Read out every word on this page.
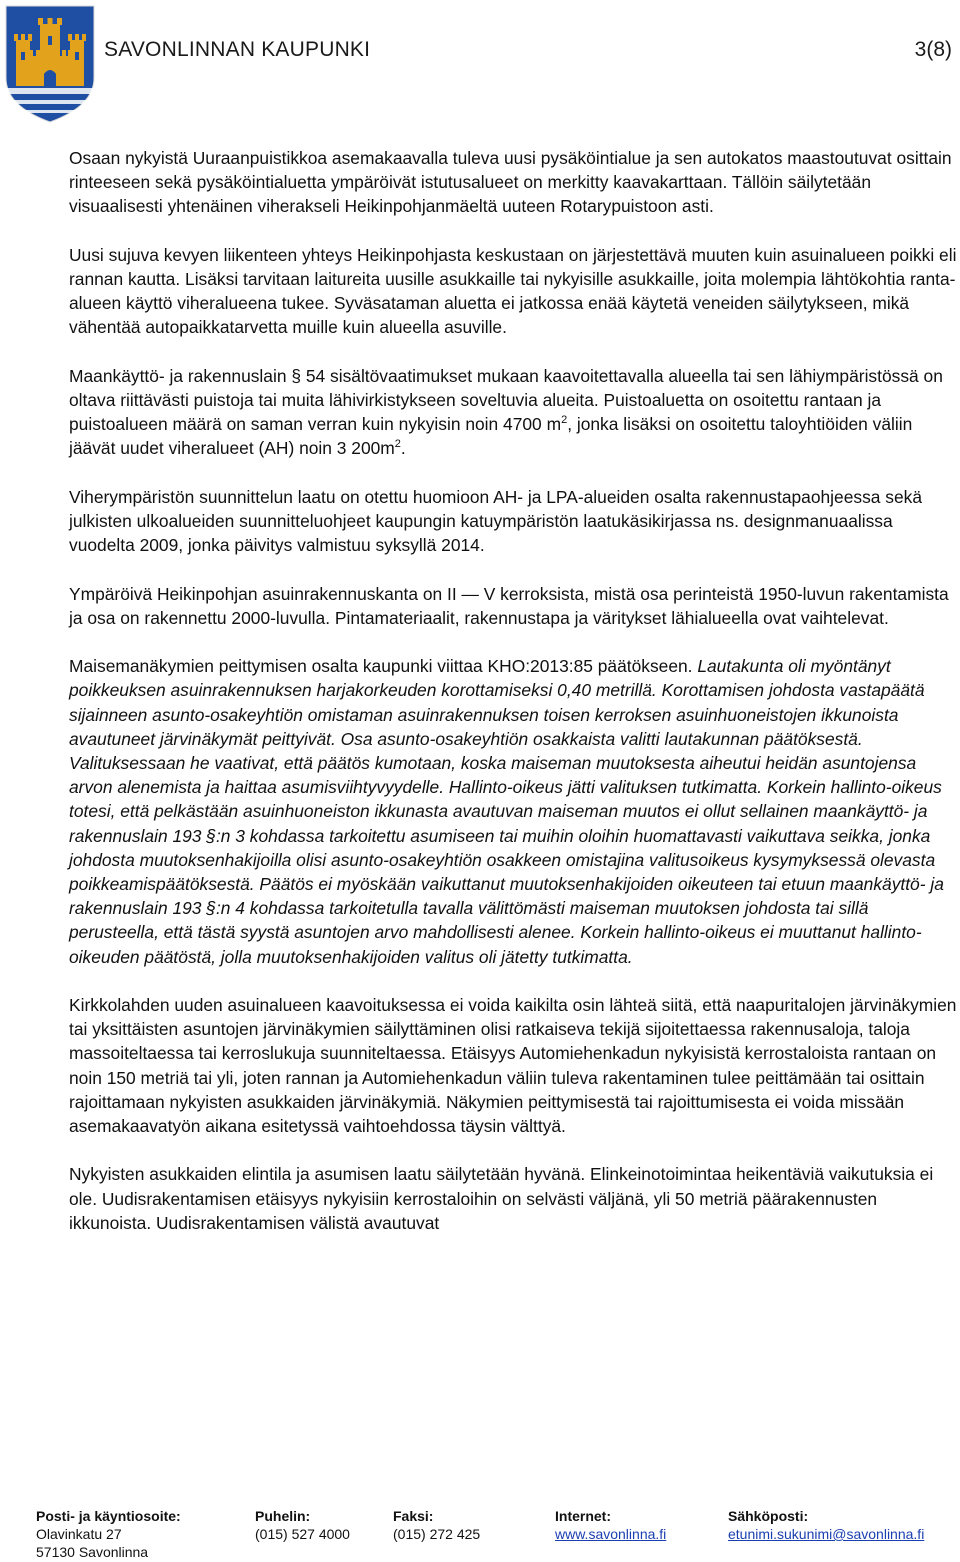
SAVONLINNAN KAUPUNKI	3(8)

Osaan nykyistä Uuraanpuistikkoa asemakaavalla tuleva uusi pysäköintialue ja sen autokatos maastoutuvat osittain rinteeseen sekä pysäköintialuetta ympäröivät istutusalueet on merkitty kaavakarttaan. Tällöin säilytetään visuaalisesti yhtenäinen viherakseli Heikinpohjanmäeltä uuteen Rotarypuistoon asti.

Uusi sujuva kevyen liikenteen yhteys Heikinpohjasta keskustaan on järjestettävä muuten kuin asuinalueen poikki eli rannan kautta. Lisäksi tarvitaan laitureita uusille asukkaille tai nykyisille asukkaille, joita molempia lähtökohtia ranta-alueen käyttö viheralueena tukee. Syväsataman aluetta ei jatkossa enää käytetä veneiden säilytykseen, mikä vähentää autopaikkatarvetta muille kuin alueella asuville.

Maankäyttö- ja rakennuslain § 54 sisältövaatimukset mukaan kaavoitettavalla alueella tai sen lähiympäristössä on oltava riittävästi puistoja tai muita lähivirkistykseen soveltuvia alueita. Puistoaluetta on osoitettu rantaan ja puistoalueen määrä on saman verran kuin nykyisin noin 4700 $m^2$, jonka lisäksi on osoitettu taloyhtiöiden väliin jäävät uudet viheralueet (AH) noin 3 $200m^2$.

Viherympäristön suunnittelun laatu on otettu huomioon AH- ja LPA-alueiden osalta rakennustapaohjeessa sekä julkisten ulkoalueiden suunnitteluohjeet kaupungin katuympäristön laatukäsikirjassa ns. designmanuaalissa vuodelta 2009, jonka päivitys valmistuu syksyllä 2014.

Ympäröivä Heikinpohjan asuinrakennuskanta on II — V kerroksista, mistä osa perinteistä 1950-luvun rakentamista ja osa on rakennettu 2000-luvulla. Pintamateriaalit, rakennustapa ja väritykset lähialueella ovat vaihtelevat.

Maisemanäkymien peittymisen osalta kaupunki viittaa KHO:2013:85 päätökseen. Lautakunta oli myöntänyt poikkeuksen asuinrakennuksen harjakorkeuden korottamiseksi 0,40 metrillä. Korottamisen johdosta vastapäätä sijainneen asunto-osakeyhtiön omistaman asuinrakennuksen toisen kerroksen asuinhuoneistojen ikkunoista avautuneet järvinäkymät peittyivät. Osa asunto-osakeyhtiön osakkaista valitti lautakunnan päätöksestä. Valituksessaan he vaativat, että päätös kumotaan, koska maiseman muutoksesta aiheutui heidän asuntojensa arvon alenemista ja haittaa asumisviihtyvyydelle. Hallinto-oikeus jätti valituksen tutkimatta. Korkein hallinto-oikeus totesi, että pelkästään asuinhuoneiston ikkunasta avautuvan maiseman muutos ei ollut sellainen maankäyttö- ja rakennuslain 193 §:n 3 kohdassa tarkoitettu asumiseen tai muihin oloihin huomattavasti vaikuttava seikka, jonka johdosta muutoksenhakijoilla olisi asunto-osakeyhtiön osakkeen omistajina valitusoikeus kysymyksessä olevasta poikkeamispäätöksestä. Päätös ei myöskään vaikuttanut muutoksenhakijoiden oikeuteen tai etuun maankäyttö- ja rakennuslain 193 §:n 4 kohdassa tarkoitetulla tavalla välittömästi maiseman muutoksen johdosta tai sillä perusteella, että tästä syystä asuntojen arvo mahdollisesti alenee. Korkein hallinto-oikeus ei muuttanut hallinto-oikeuden päätöstä, jolla muutoksenhakijoiden valitus oli jätetty tutkimatta.

Kirkkolahden uuden asuinalueen kaavoituksessa ei voida kaikilta osin lähteä siitä, että naapuritalojen järvinäkymien tai yksittäisten asuntojen järvinäkymien säilyttäminen olisi ratkaiseva tekijä sijoitettaessa rakennusaloja, taloja massoiteltaessa tai kerroslukuja suunniteltaessa. Etäisyys Automiehenkadun nykyisistä kerrostaloista rantaan on noin 150 metriä tai yli, joten rannan ja Automiehenkadun väliin tuleva rakentaminen tulee peittämään tai osittain rajoittamaan nykyisten asukkaiden järvinäkymiä. Näkymien peittymisestä tai rajoittumisesta ei voida missään asemakaavatyön aikana esitetyssä vaihtoehdossa täysin välttyä.

Nykyisten asukkaiden elintila ja asumisen laatu säilytetään hyvänä. Elinkeinotoimintaa heikentäviä vaikutuksia ei ole. Uudisrakentamisen etäisyys nykyisiin kerrostaloihin on selvästi väljänä, yli 50 metriä päärakennusten ikkunoista. Uudisrakentamisen välistä avautuvat

Posti- ja käyntiosoite:
Olavinkatu 27
57130 Savonlinna
Puhelin:
(015) 527 4000
Faksi:
(015) 272 425
Internet:
www.savonlinna.fi
Sähköposti:
etunimi.sukunimi@savonlinna.fi
